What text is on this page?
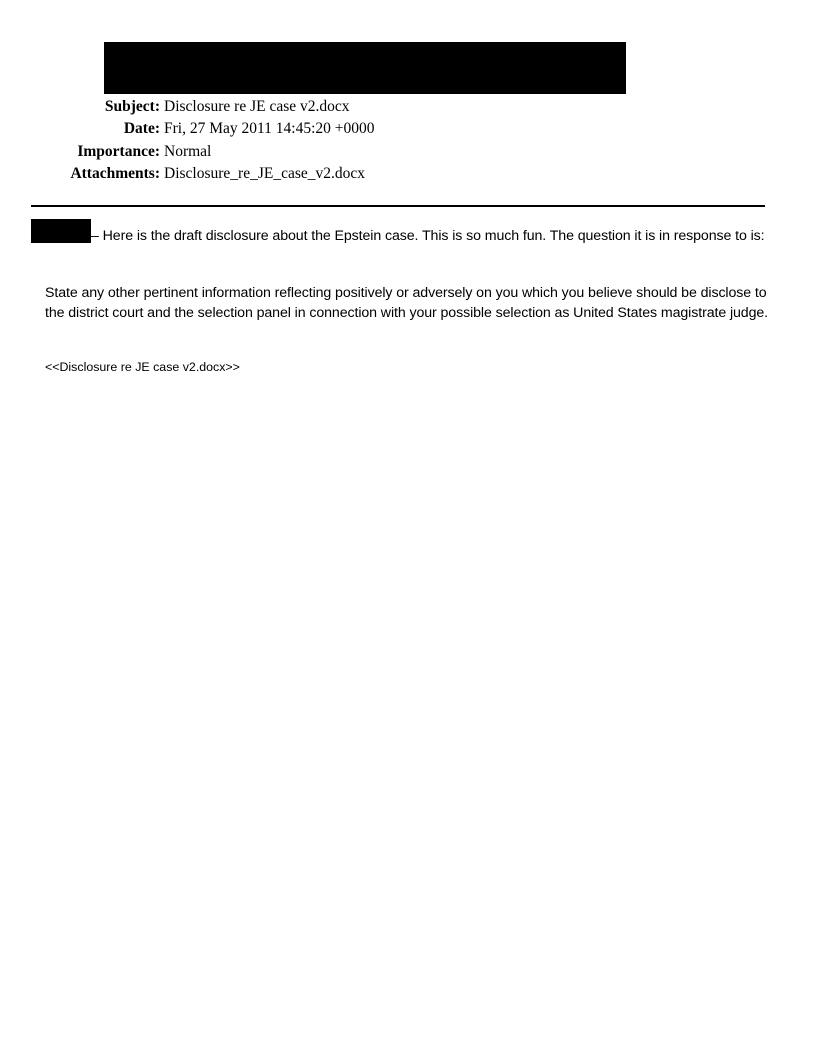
Subject: Disclosure re JE case v2.docx
Date: Fri, 27 May 2011 14:45:20 +0000
Importance: Normal
Attachments: Disclosure_re_JE_case_v2.docx
– Here is the draft disclosure about the Epstein case. This is so much fun. The question it is in response to is:
State any other pertinent information reflecting positively or adversely on you which you believe should be disclose to the district court and the selection panel in connection with your possible selection as United States magistrate judge.
<<Disclosure re JE case v2.docx>>
